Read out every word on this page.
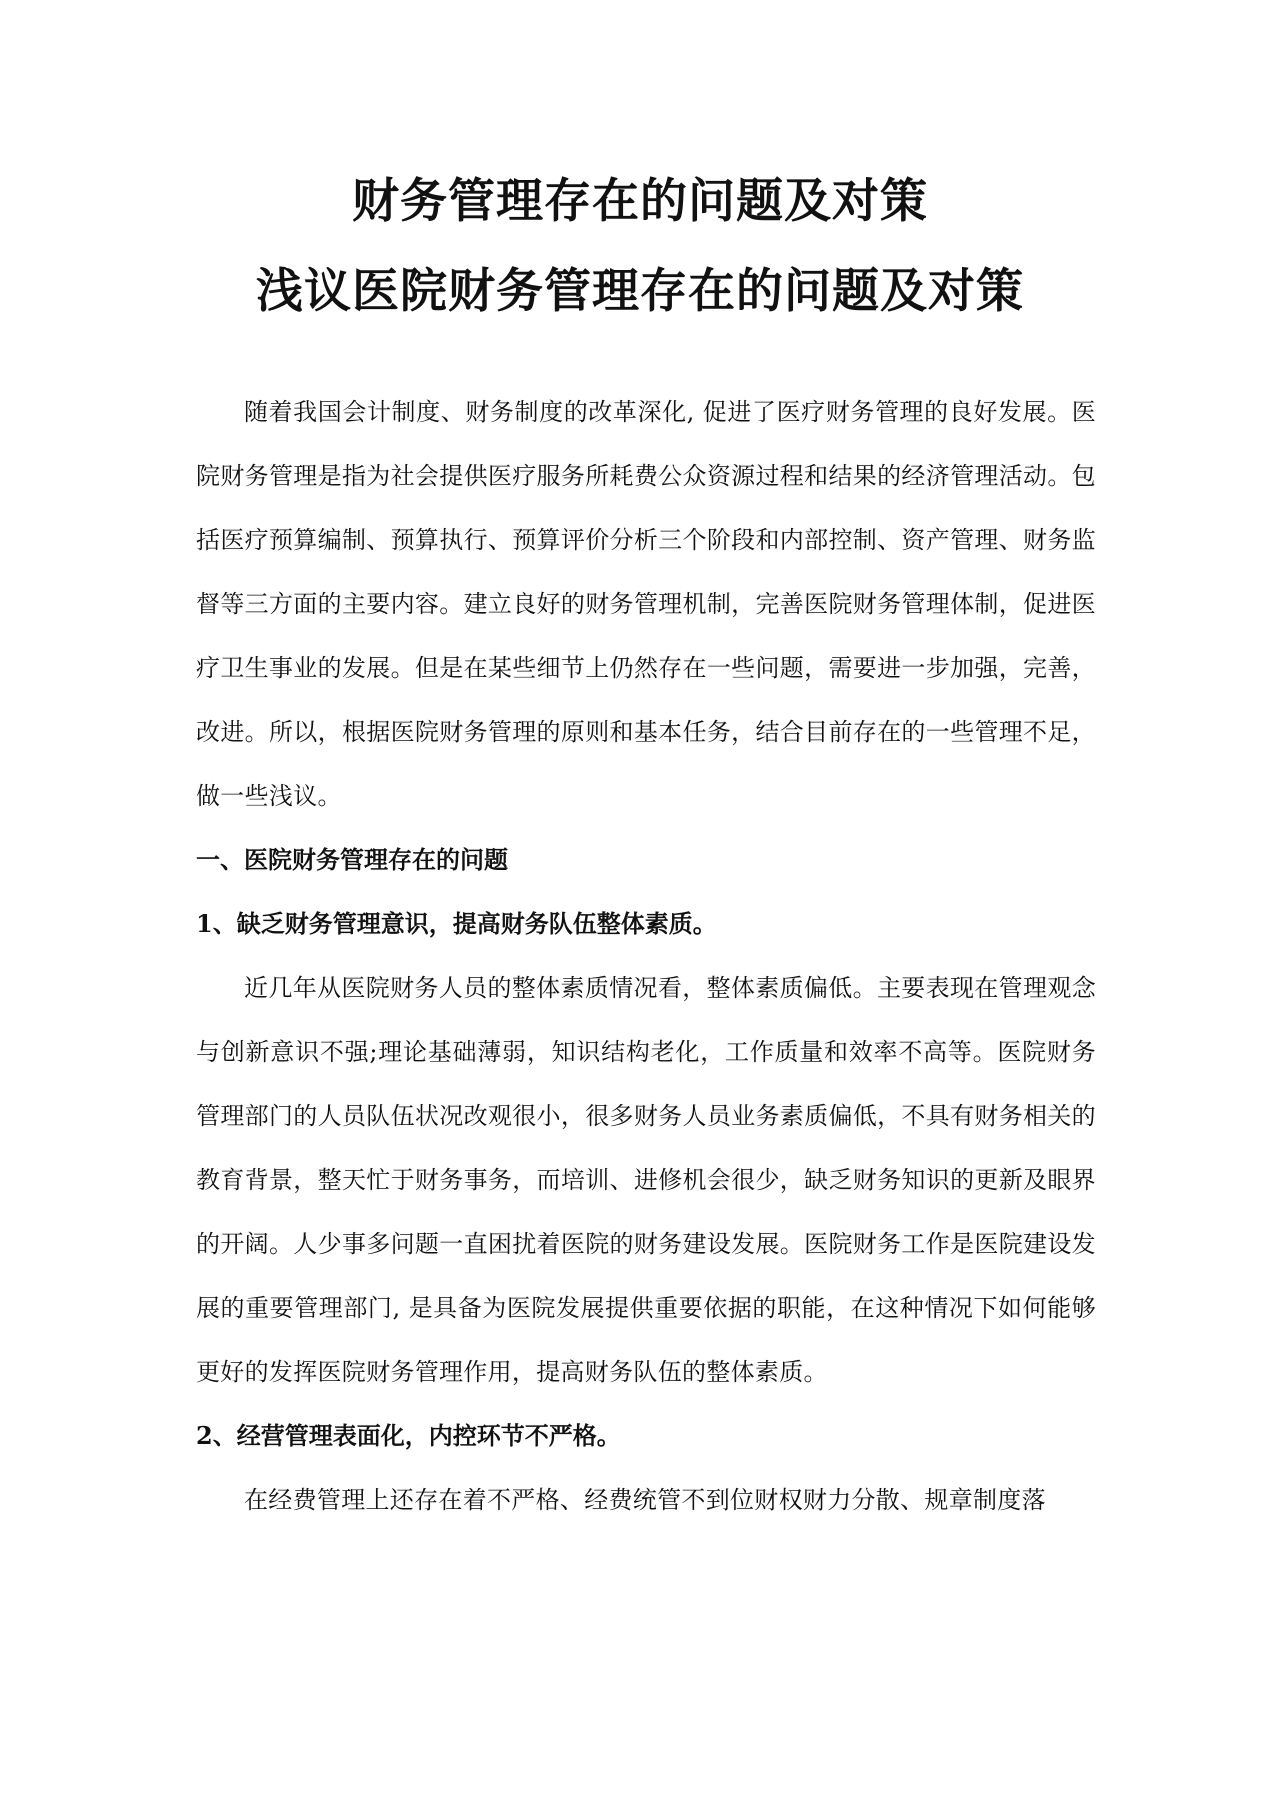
财务管理存在的问题及对策
浅议医院财务管理存在的问题及对策

随着我国会计制度、财务制度的改革深化, 促进了医疗财务管理的良好发展。医院财务管理是指为社会提供医疗服务所耗费公众资源过程和结果的经济管理活动。包括医疗预算编制、预算执行、预算评价分析三个阶段和内部控制、资产管理、财务监督等三方面的主要内容。建立良好的财务管理机制，完善医院财务管理体制，促进医疗卫生事业的发展。但是在某些细节上仍然存在一些问题，需要进一步加强，完善，改进。所以，根据医院财务管理的原则和基本任务，结合目前存在的一些管理不足，做一些浅议。

一、医院财务管理存在的问题

1、缺乏财务管理意识，提高财务队伍整体素质。

近几年从医院财务人员的整体素质情况看，整体素质偏低。主要表现在管理观念与创新意识不强;理论基础薄弱，知识结构老化，工作质量和效率不高等。医院财务管理部门的人员队伍状况改观很小，很多财务人员业务素质偏低，不具有财务相关的教育背景，整天忙于财务事务，而培训、进修机会很少，缺乏财务知识的更新及眼界的开阔。人少事多问题一直困扰着医院的财务建设发展。医院财务工作是医院建设发展的重要管理部门, 是具备为医院发展提供重要依据的职能，在这种情况下如何能够更好的发挥医院财务管理作用，提高财务队伍的整体素质。

2、经营管理表面化，内控环节不严格。

在经费管理上还存在着不严格、经费统管不到位财权财力分散、规章制度落
